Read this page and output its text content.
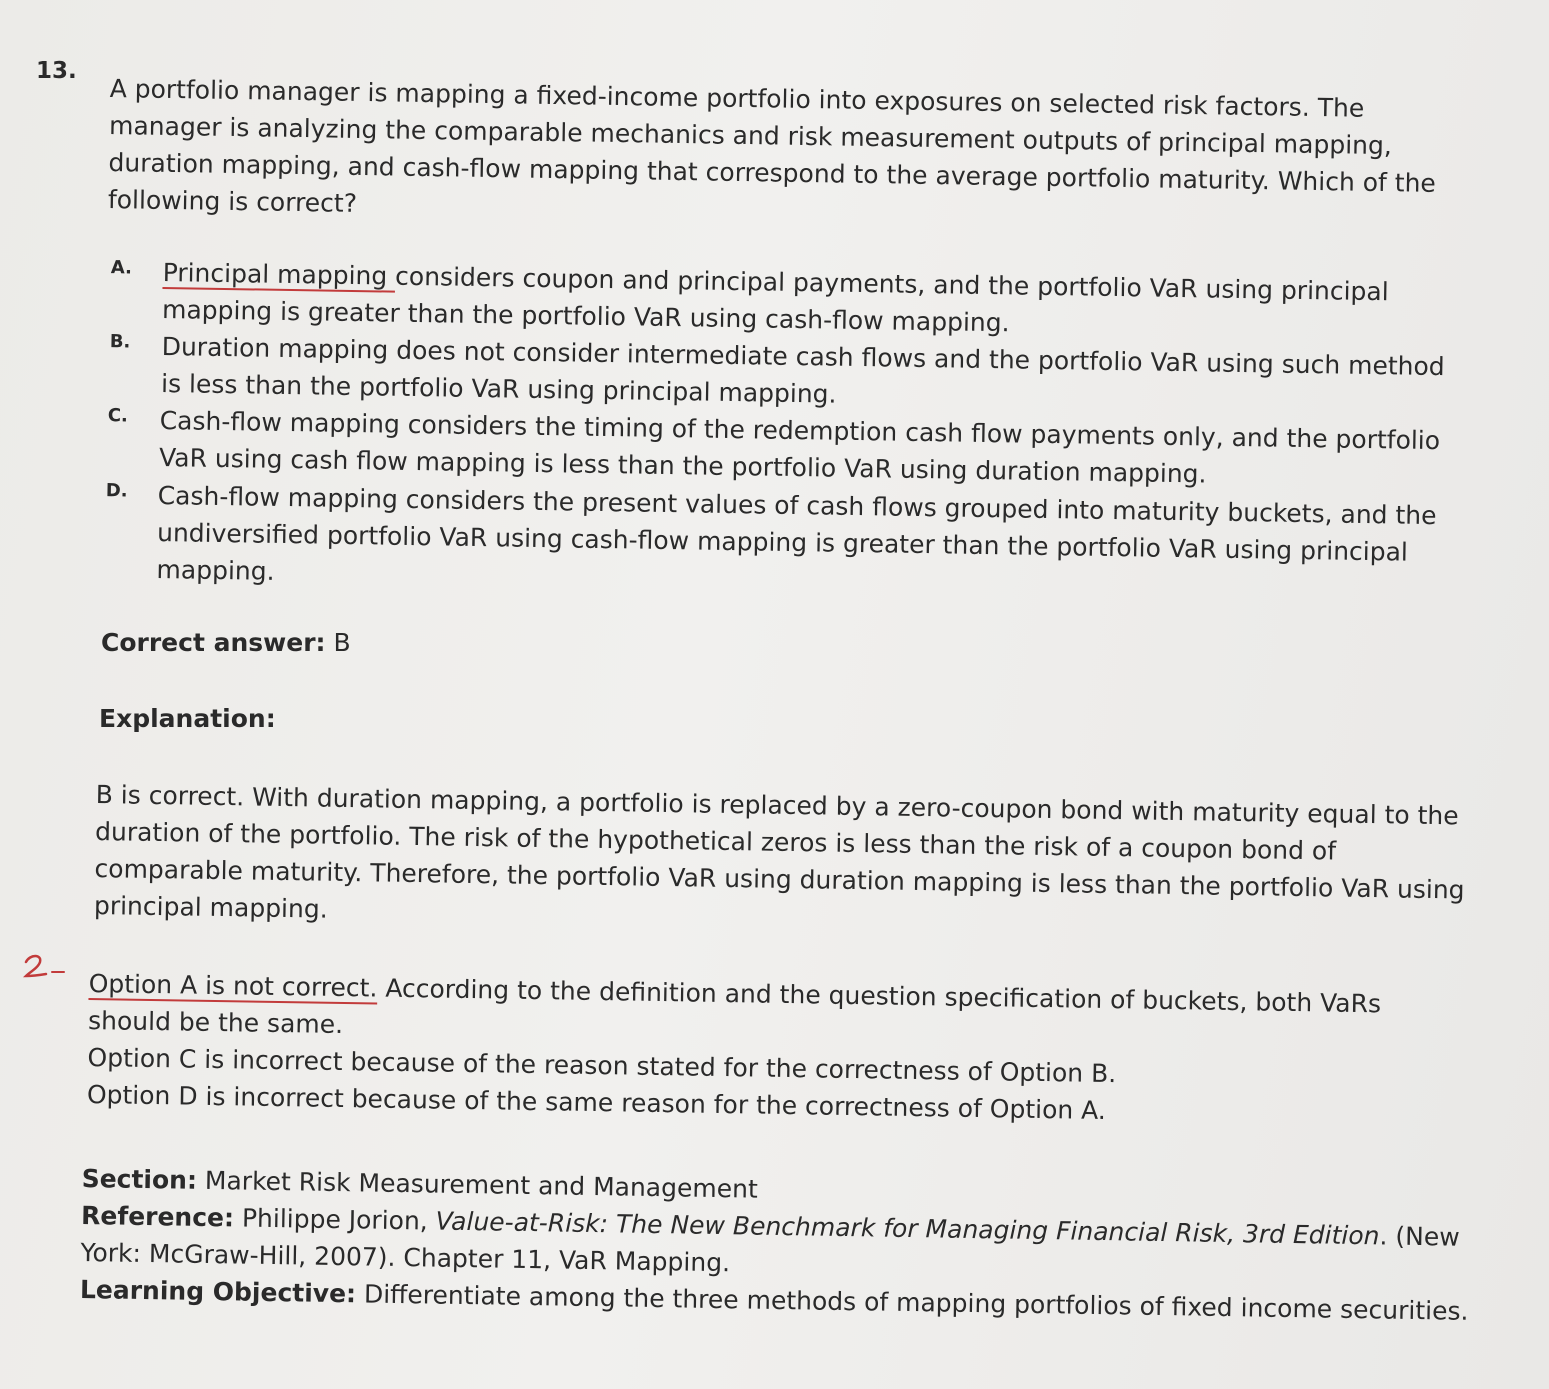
13.
A portfolio manager is mapping a fixed-income portfolio into exposures on selected risk factors. The manager is analyzing the comparable mechanics and risk measurement outputs of principal mapping, duration mapping, and cash-flow mapping that correspond to the average portfolio maturity. Which of the following is correct?
A. Principal mapping considers coupon and principal payments, and the portfolio VaR using principal mapping is greater than the portfolio VaR using cash-flow mapping.
B. Duration mapping does not consider intermediate cash flows and the portfolio VaR using such method is less than the portfolio VaR using principal mapping.
C. Cash-flow mapping considers the timing of the redemption cash flow payments only, and the portfolio VaR using cash flow mapping is less than the portfolio VaR using duration mapping.
D. Cash-flow mapping considers the present values of cash flows grouped into maturity buckets, and the undiversified portfolio VaR using cash-flow mapping is greater than the portfolio VaR using principal mapping.
Correct answer: B
Explanation:
B is correct. With duration mapping, a portfolio is replaced by a zero-coupon bond with maturity equal to the duration of the portfolio. The risk of the hypothetical zeros is less than the risk of a coupon bond of comparable maturity. Therefore, the portfolio VaR using duration mapping is less than the portfolio VaR using principal mapping.

Option A is not correct. According to the definition and the question specification of buckets, both VaRs should be the same.

Option C is incorrect because of the reason stated for the correctness of Option B.

Option D is incorrect because of the same reason for the correctness of Option A.

Section: Market Risk Measurement and Management

Reference: Philippe Jorion, Value-at-Risk: The New Benchmark for Managing Financial Risk, 3rd Edition. (New York: McGraw-Hill, 2007). Chapter 11, VaR Mapping.

Learning Objective: Differentiate among the three methods of mapping portfolios of fixed income securities.
